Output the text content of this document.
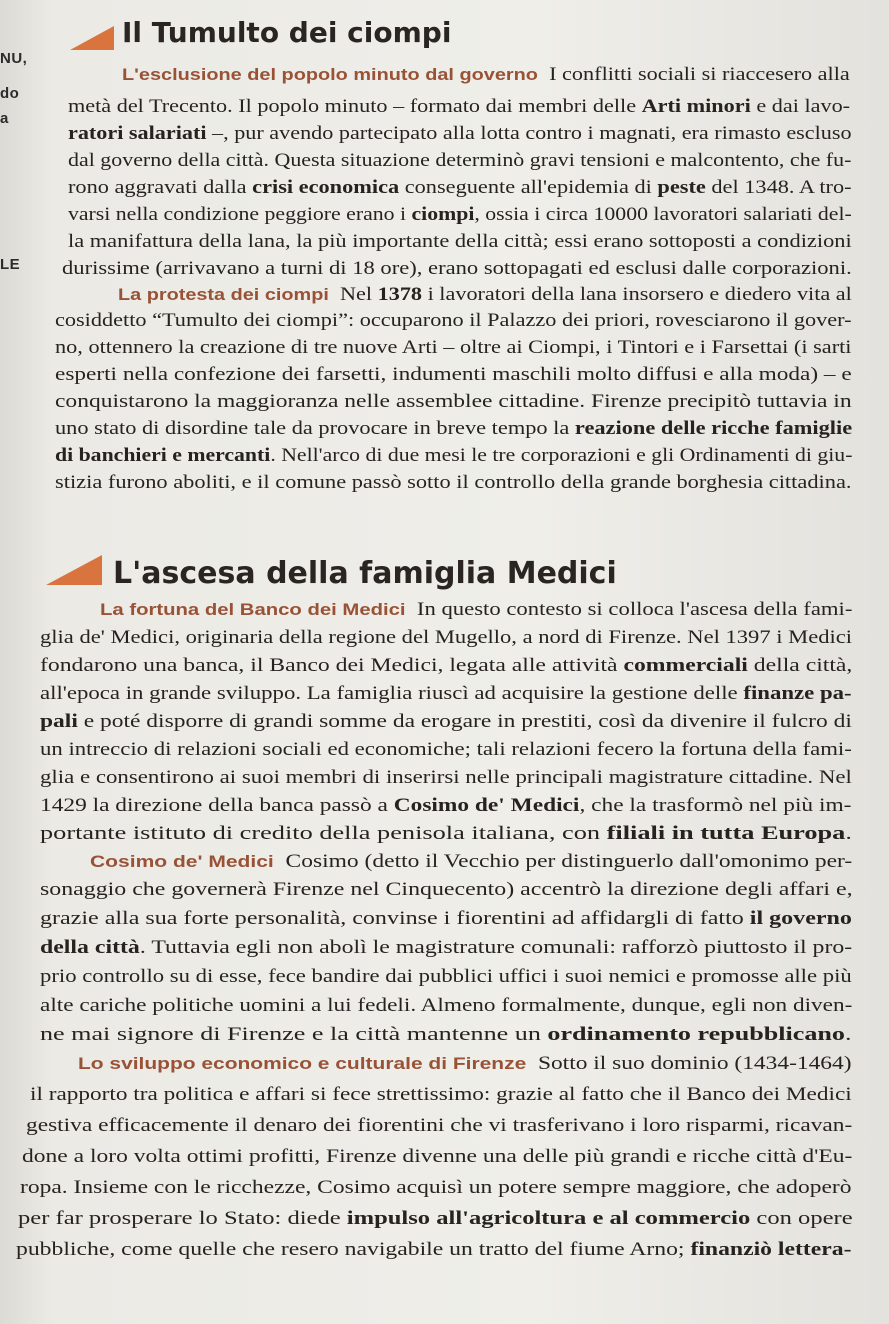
NU,
do
a
LE
Il Tumulto dei ciompi
L'ascesa della famiglia Medici
L'esclusione del popolo minuto dal governo  I conflitti sociali si riaccesero alla
metà del Trecento. Il popolo minuto – formato dai membri delle Arti minori e dai lavo-
ratori salariati –, pur avendo partecipato alla lotta contro i magnati, era rimasto escluso
dal governo della città. Questa situazione determinò gravi tensioni e malcontento, che fu-
rono aggravati dalla crisi economica conseguente all'epidemia di peste del 1348. A tro-
varsi nella condizione peggiore erano i ciompi, ossia i circa 10000 lavoratori salariati del-
la manifattura della lana, la più importante della città; essi erano sottoposti a condizioni
durissime (arrivavano a turni di 18 ore), erano sottopagati ed esclusi dalle corporazioni.
La protesta dei ciompi  Nel 1378 i lavoratori della lana insorsero e diedero vita al
cosiddetto “Tumulto dei ciompi”: occuparono il Palazzo dei priori, rovesciarono il gover-
no, ottennero la creazione di tre nuove Arti – oltre ai Ciompi, i Tintori e i Farsettai (i sarti
esperti nella confezione dei farsetti, indumenti maschili molto diffusi e alla moda) – e
conquistarono la maggioranza nelle assemblee cittadine. Firenze precipitò tuttavia in
uno stato di disordine tale da provocare in breve tempo la reazione delle ricche famiglie
di banchieri e mercanti. Nell'arco di due mesi le tre corporazioni e gli Ordinamenti di giu-
stizia furono aboliti, e il comune passò sotto il controllo della grande borghesia cittadina.
La fortuna del Banco dei Medici  In questo contesto si colloca l'ascesa della fami-
glia de' Medici, originaria della regione del Mugello, a nord di Firenze. Nel 1397 i Medici
fondarono una banca, il Banco dei Medici, legata alle attività commerciali della città,
all'epoca in grande sviluppo. La famiglia riuscì ad acquisire la gestione delle finanze pa-
pali e poté disporre di grandi somme da erogare in prestiti, così da divenire il fulcro di
un intreccio di relazioni sociali ed economiche; tali relazioni fecero la fortuna della fami-
glia e consentirono ai suoi membri di inserirsi nelle principali magistrature cittadine. Nel
1429 la direzione della banca passò a Cosimo de' Medici, che la trasformò nel più im-
portante istituto di credito della penisola italiana, con filiali in tutta Europa.
Cosimo de' Medici  Cosimo (detto il Vecchio per distinguerlo dall'omonimo per-
sonaggio che governerà Firenze nel Cinquecento) accentrò la direzione degli affari e,
grazie alla sua forte personalità, convinse i fiorentini ad affidargli di fatto il governo
della città. Tuttavia egli non abolì le magistrature comunali: rafforzò piuttosto il pro-
prio controllo su di esse, fece bandire dai pubblici uffici i suoi nemici e promosse alle più
alte cariche politiche uomini a lui fedeli. Almeno formalmente, dunque, egli non diven-
ne mai signore di Firenze e la città mantenne un ordinamento repubblicano.
Lo sviluppo economico e culturale di Firenze  Sotto il suo dominio (1434-1464)
il rapporto tra politica e affari si fece strettissimo: grazie al fatto che il Banco dei Medici
gestiva efficacemente il denaro dei fiorentini che vi trasferivano i loro risparmi, ricavan-
done a loro volta ottimi profitti, Firenze divenne una delle più grandi e ricche città d'Eu-
ropa. Insieme con le ricchezze, Cosimo acquisì un potere sempre maggiore, che adoperò
per far prosperare lo Stato: diede impulso all'agricoltura e al commercio con opere
pubbliche, come quelle che resero navigabile un tratto del fiume Arno; finanziò lettera-
